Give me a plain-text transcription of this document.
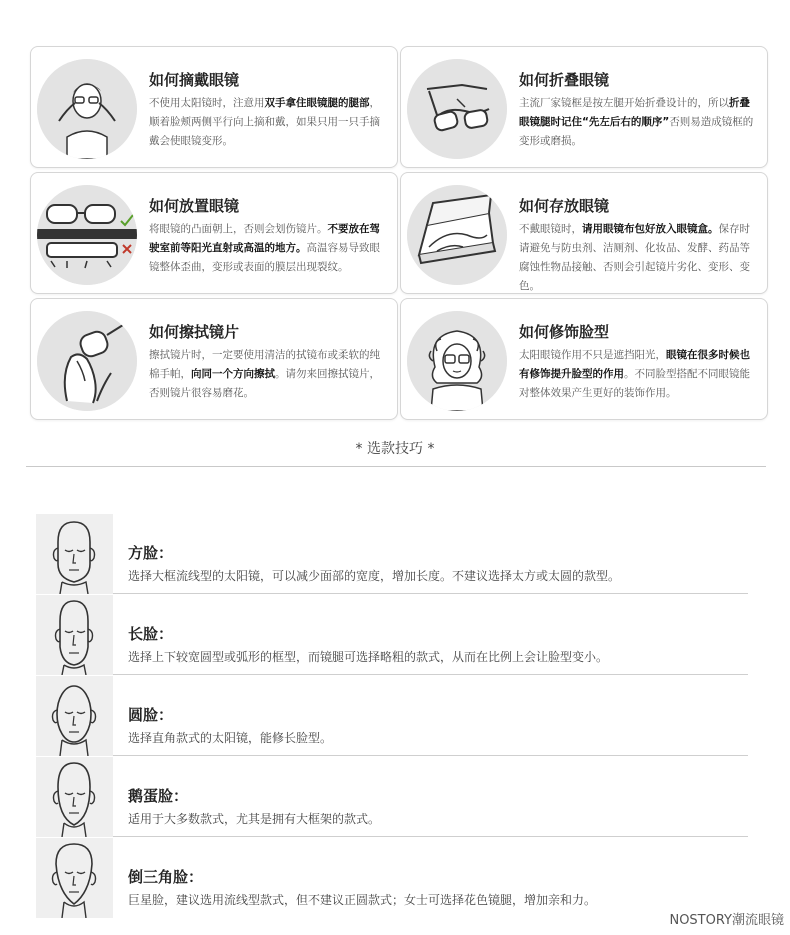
如何摘戴眼镜
不使用太阳镜时，注意用双手拿住眼镜腿的腿部，顺着脸颊两侧平行向上摘和戴，如果只用一只手摘戴会使眼镜变形。
如何折叠眼镜
主流厂家镜框是按左腿开始折叠设计的，所以折叠眼镜腿时记住“先左后右的顺序”否则易造成镜框的变形或磨损。
如何放置眼镜
将眼镜的凸面朝上，否则会划伤镜片。不要放在驾驶室前等阳光直射或高温的地方。高温容易导致眼镜整体歪曲，变形或表面的膜层出现裂纹。
如何存放眼镜
不戴眼镜时，请用眼镜布包好放入眼镜盒。保存时请避免与防虫剂、洁厕剂、化妆品、发酵、药品等腐蚀性物品接触、否则会引起镜片劣化、变形、变色。
如何擦拭镜片
擦拭镜片时，一定要使用清洁的拭镜布或柔软的纯棉手帕，向同一个方向擦拭。请勿来回擦拭镜片，否则镜片很容易磨花。
如何修饰脸型
太阳眼镜作用不只是遮挡阳光，眼镜在很多时候也有修饰提升脸型的作用。不同脸型搭配不同眼镜能对整体效果产生更好的装饰作用。
* 选款技巧 *
方脸：
选择大框流线型的太阳镜，可以减少面部的宽度，增加长度。不建议选择太方或太圆的款型。
长脸：
选择上下较宽圆型或弧形的框型，而镜腿可选择略粗的款式，从而在比例上会让脸型变小。
圆脸：
选择直角款式的太阳镜，能修长脸型。
鹅蛋脸：
适用于大多数款式，尤其是拥有大框架的款式。
倒三角脸：
巨星脸，建议选用流线型款式，但不建议正圆款式；女士可选择花色镜腿，增加亲和力。
NOSTORY潮流眼镜
